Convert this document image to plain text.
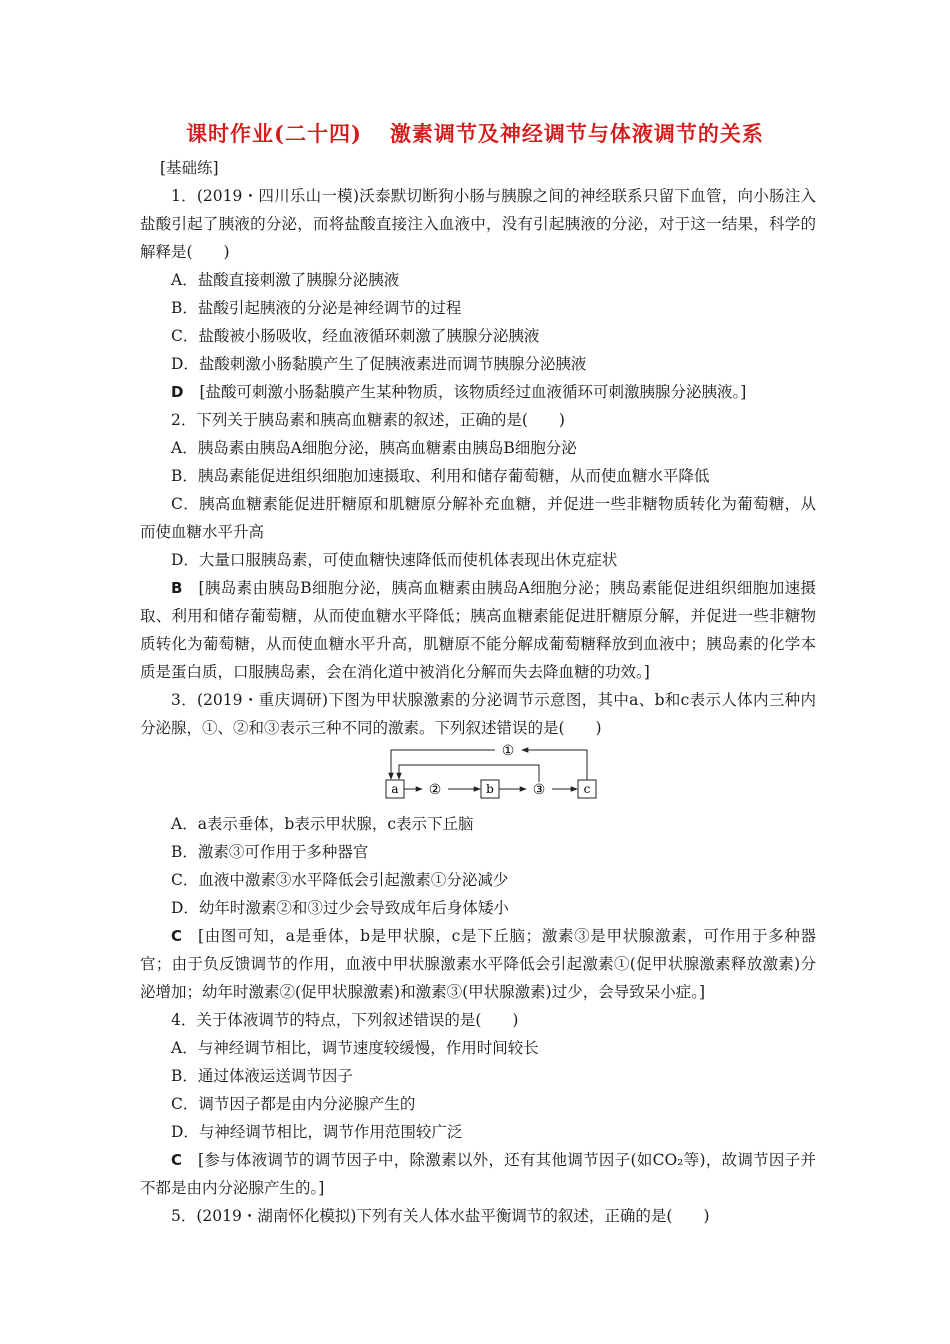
课时作业(二十四) 激素调节及神经调节与体液调节的关系

[基础练]

1．(2019・四川乐山一模)沃泰默切断狗小肠与胰腺之间的神经联系只留下血管，向小肠注入盐酸引起了胰液的分泌，而将盐酸直接注入血液中，没有引起胰液的分泌，对于这一结果，科学的解释是(　　)

A．盐酸直接刺激了胰腺分泌胰液

B．盐酸引起胰液的分泌是神经调节的过程

C．盐酸被小肠吸收，经血液循环刺激了胰腺分泌胰液

D．盐酸刺激小肠黏膜产生了促胰液素进而调节胰腺分泌胰液

D [盐酸可刺激小肠黏膜产生某种物质，该物质经过血液循环可刺激胰腺分泌胰液。]

2．下列关于胰岛素和胰高血糖素的叙述，正确的是(　　)

A．胰岛素由胰岛A细胞分泌，胰高血糖素由胰岛B细胞分泌

B．胰岛素能促进组织细胞加速摄取、利用和储存葡萄糖，从而使血糖水平降低

C．胰高血糖素能促进肝糖原和肌糖原分解补充血糖，并促进一些非糖物质转化为葡萄糖，从而使血糖水平升高

D．大量口服胰岛素，可使血糖快速降低而使机体表现出休克症状

B [胰岛素由胰岛B细胞分泌，胰高血糖素由胰岛A细胞分泌；胰岛素能促进组织细胞加速摄取、利用和储存葡萄糖，从而使血糖水平降低；胰高血糖素能促进肝糖原分解，并促进一些非糖物质转化为葡萄糖，从而使血糖水平升高，肌糖原不能分解成葡萄糖释放到血液中；胰岛素的化学本质是蛋白质，口服胰岛素，会在消化道中被消化分解而失去降血糖的功效。]

3．(2019・重庆调研)下图为甲状腺激素的分泌调节示意图，其中a、b和c表示人体内三种内分泌腺，①、②和③表示三种不同的激素。下列叙述错误的是(　　)

a	b	c
②	③
①

A．a表示垂体，b表示甲状腺，c表示下丘脑

B．激素③可作用于多种器官

C．血液中激素③水平降低会引起激素①分泌减少

D．幼年时激素②和③过少会导致成年后身体矮小

C [由图可知，a是垂体，b是甲状腺，c是下丘脑；激素③是甲状腺激素，可作用于多种器官；由于负反馈调节的作用，血液中甲状腺激素水平降低会引起激素①(促甲状腺激素释放激素)分泌增加；幼年时激素②(促甲状腺激素)和激素③(甲状腺激素)过少，会导致呆小症。]

4．关于体液调节的特点，下列叙述错误的是(　　)

A．与神经调节相比，调节速度较缓慢，作用时间较长

B．通过体液运送调节因子

C．调节因子都是由内分泌腺产生的

D．与神经调节相比，调节作用范围较广泛

C [参与体液调节的调节因子中，除激素以外，还有其他调节因子(如CO₂等)，故调节因子并不都是由内分泌腺产生的。]

5．(2019・湖南怀化模拟)下列有关人体水盐平衡调节的叙述，正确的是(　　)
